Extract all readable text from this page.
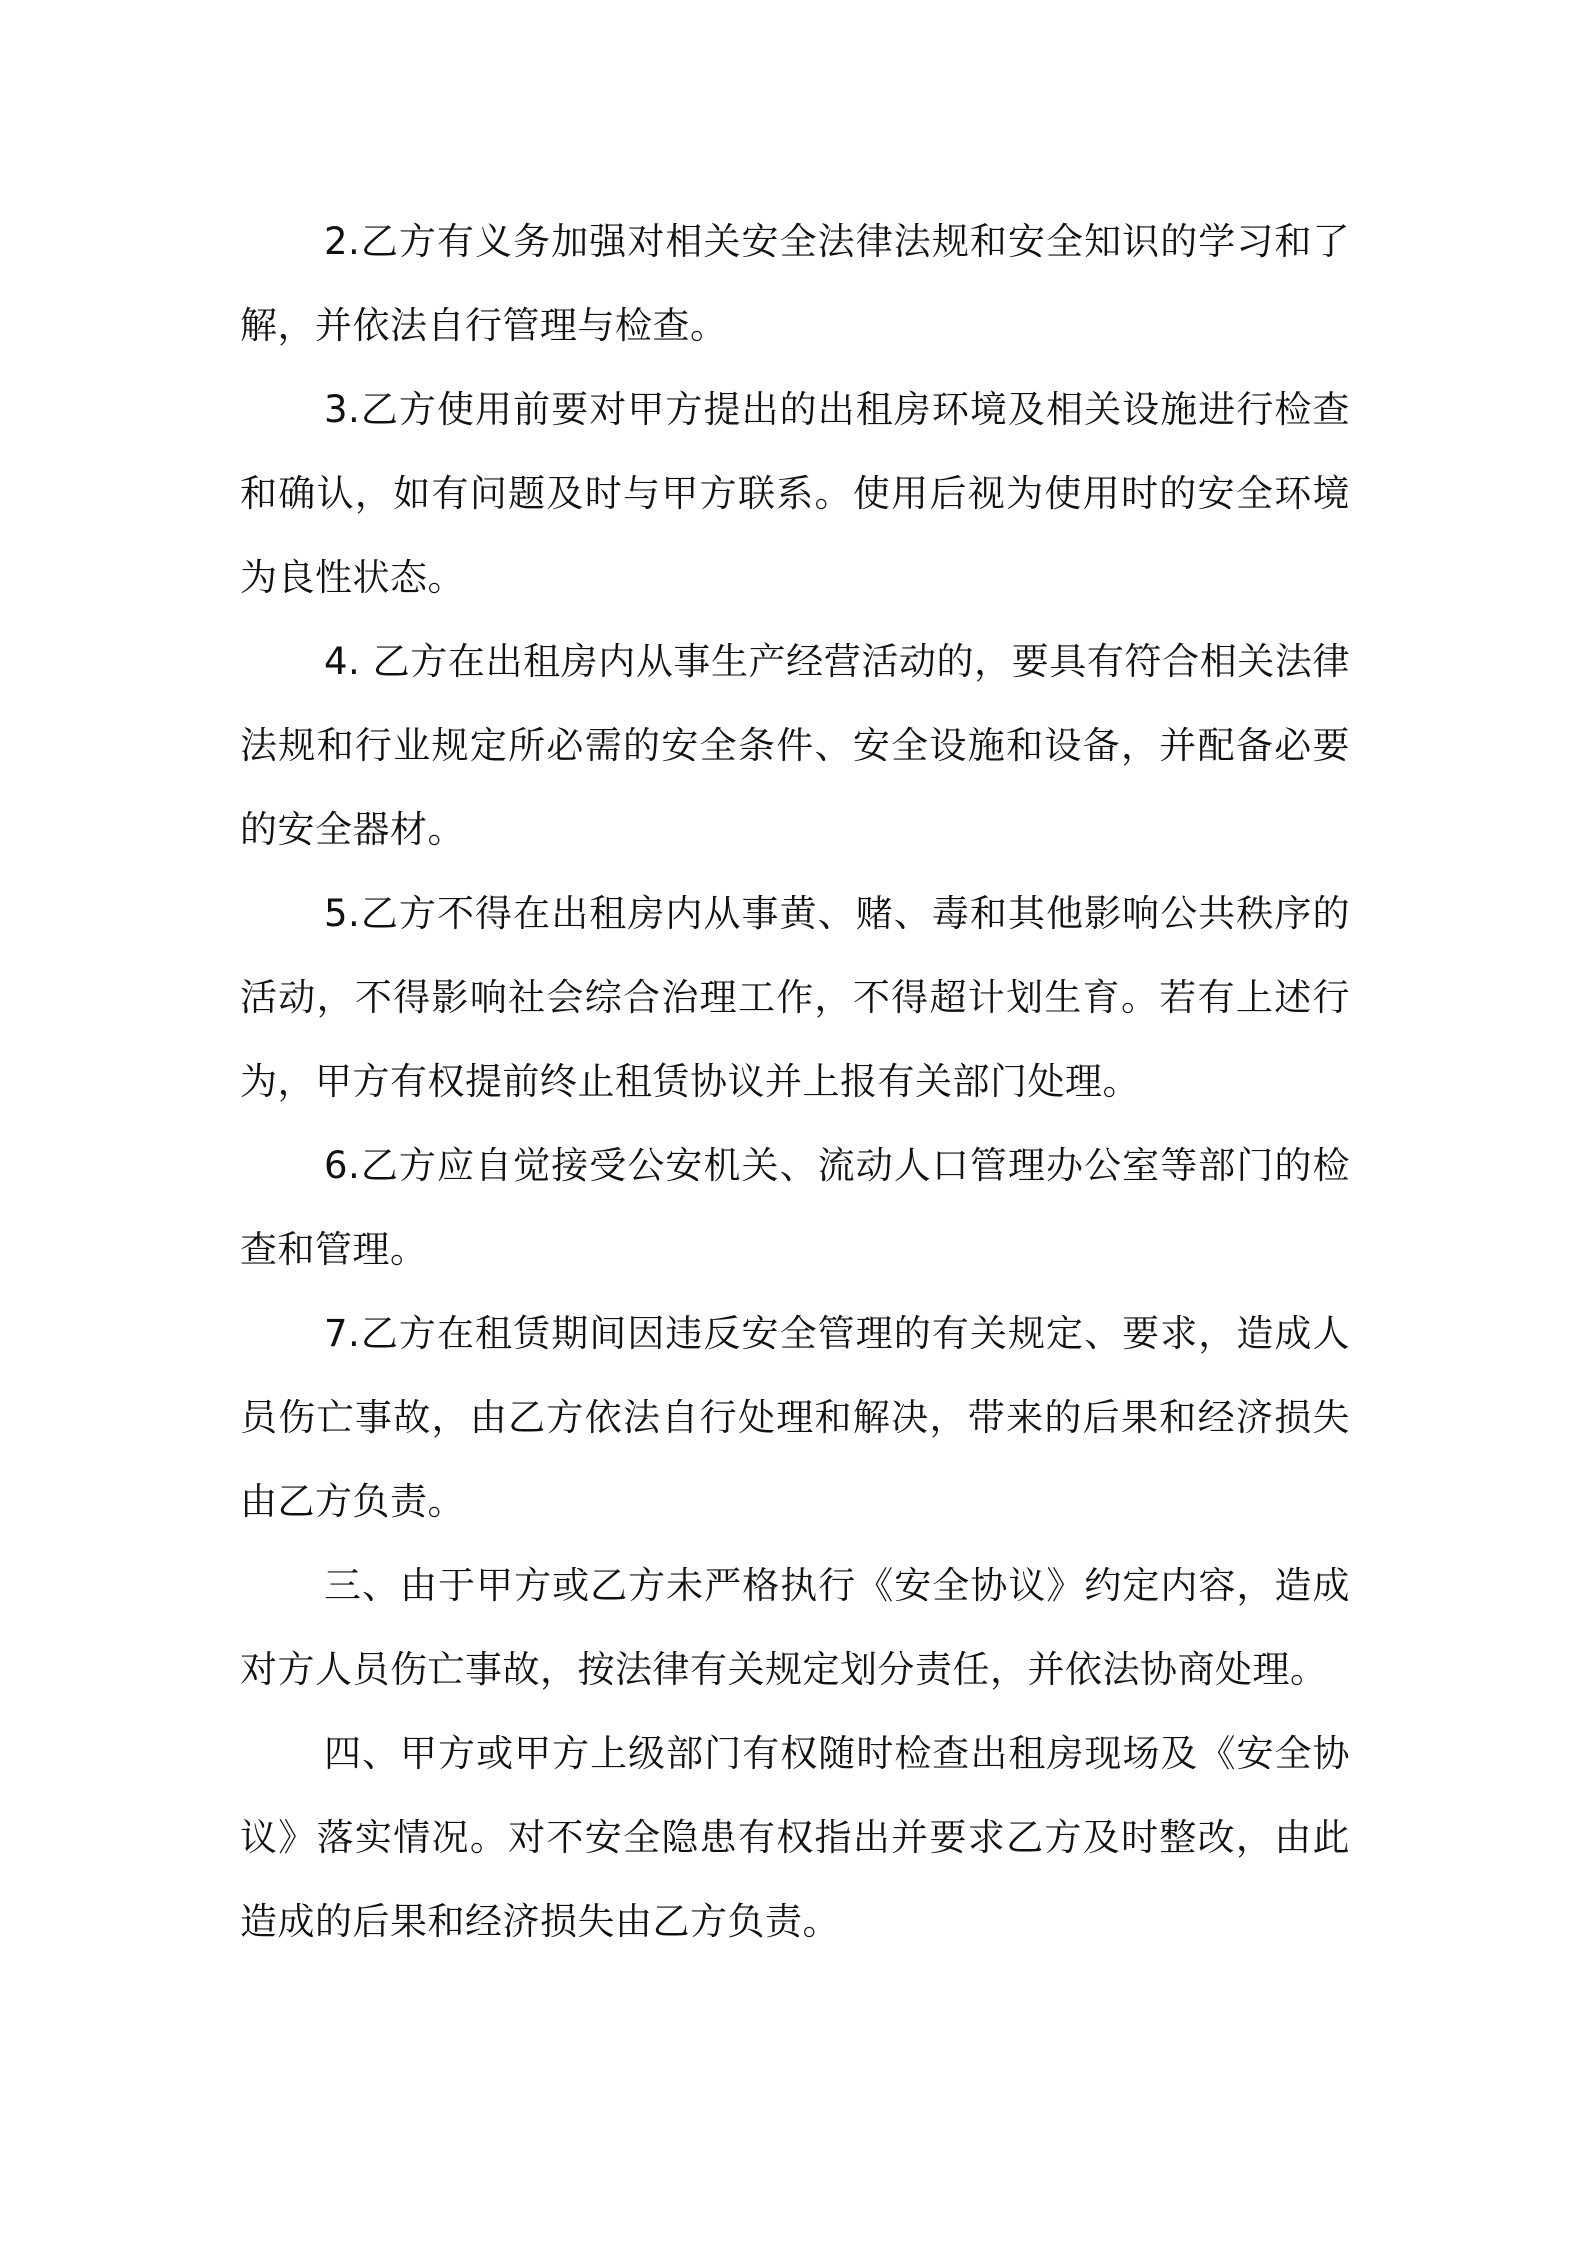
2.乙方有义务加强对相关安全法律法规和安全知识的学习和了解，并依法自行管理与检查。

3.乙方使用前要对甲方提出的出租房环境及相关设施进行检查和确认，如有问题及时与甲方联系。使用后视为使用时的安全环境为良性状态。

4. 乙方在出租房内从事生产经营活动的，要具有符合相关法律法规和行业规定所必需的安全条件、安全设施和设备，并配备必要的安全器材。

5.乙方不得在出租房内从事黄、赌、毒和其他影响公共秩序的活动，不得影响社会综合治理工作，不得超计划生育。若有上述行为，甲方有权提前终止租赁协议并上报有关部门处理。

6.乙方应自觉接受公安机关、流动人口管理办公室等部门的检查和管理。

7.乙方在租赁期间因违反安全管理的有关规定、要求，造成人员伤亡事故，由乙方依法自行处理和解决，带来的后果和经济损失由乙方负责。

三、由于甲方或乙方未严格执行《安全协议》约定内容，造成对方人员伤亡事故，按法律有关规定划分责任，并依法协商处理。

四、甲方或甲方上级部门有权随时检查出租房现场及《安全协议》落实情况。对不安全隐患有权指出并要求乙方及时整改，由此造成的后果和经济损失由乙方负责。
